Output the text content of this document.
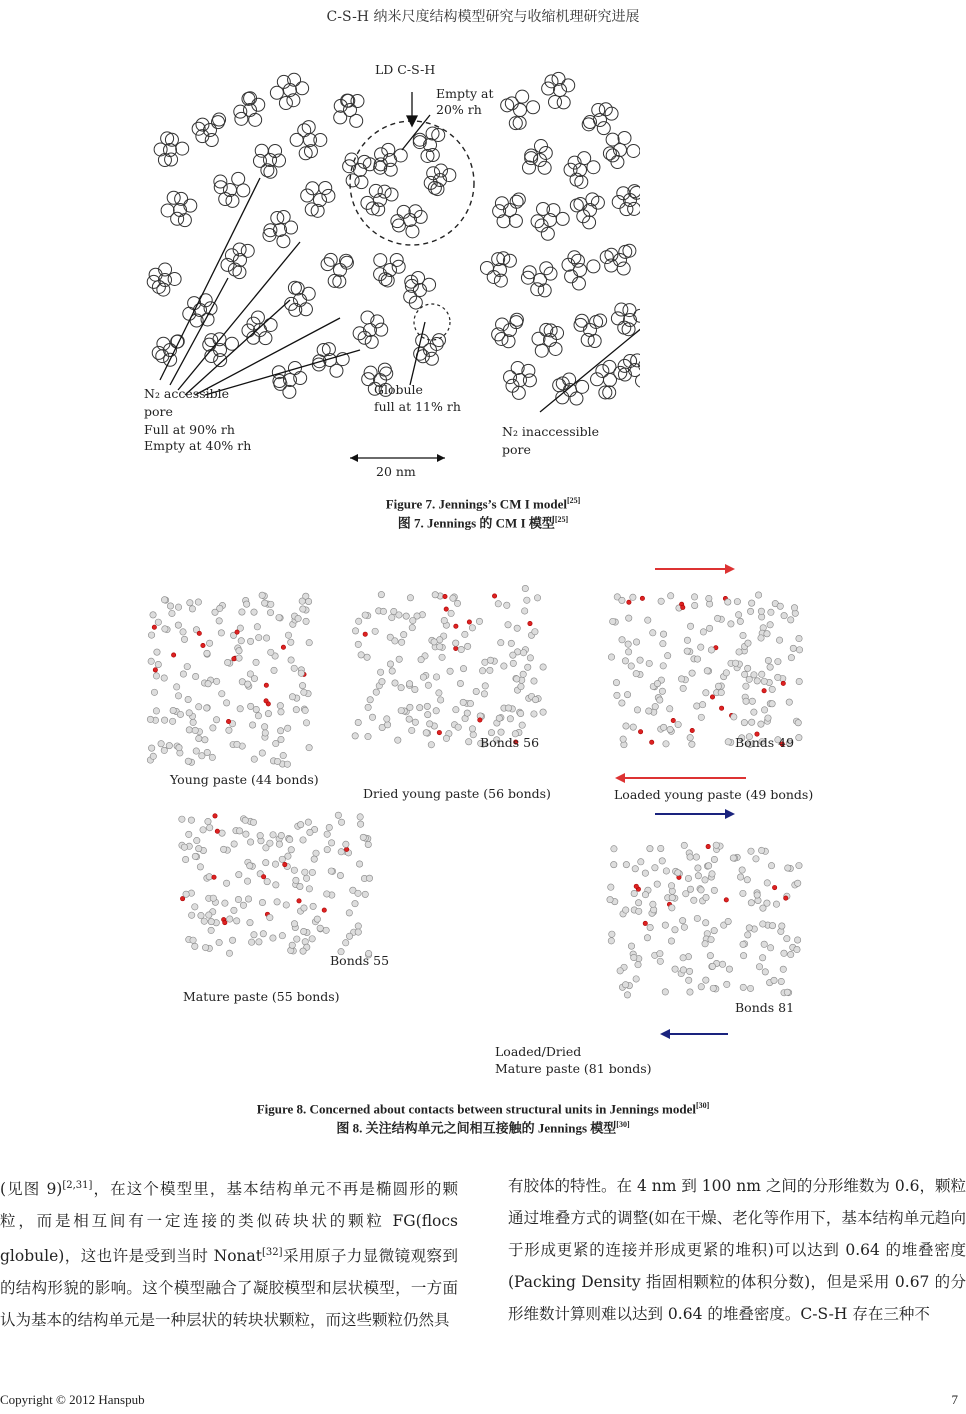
C-S-H 纳米尺度结构模型研究与收缩机理研究进展
LD C-S-H
Empty at
20% rh
N₂ accessible
pore
Full at 90% rh
Empty at 40% rh
Globule
full at 11% rh
20 nm
N₂ inaccessible
pore
Figure 7. Jennings’s CM I model[25]
图 7. Jennings 的 CM I 模型[25]
Young paste (44 bonds)
Dried young paste (56 bonds)
Bonds 56	Bonds 49
Loaded young paste (49 bonds)
Bonds 55
Mature paste (55 bonds)
Bonds 81
Loaded/Dried
Mature paste (81 bonds)
Figure 8. Concerned about contacts between structural units in Jennings model[30]
图 8. 关注结构单元之间相互接触的 Jennings 模型[30]
(见图 9)[2,31]，在这个模型里，基本结构单元不再是椭圆形的颗粒，而是相互间有一定连接的类似砖块状的颗粒 FG(flocs globule)，这也许是受到当时 Nonat[32]采用原子力显微镜观察到的结构形貌的影响。这个模型融合了凝胶模型和层状模型，一方面认为基本的结构单元是一种层状的转块状颗粒，而这些颗粒仍然具
有胶体的特性。在 4 nm 到 100 nm 之间的分形维数为 0.6，颗粒通过堆叠方式的调整(如在干燥、老化等作用下，基本结构单元趋向于形成更紧的连接并形成更紧的堆积)可以达到 0.64 的堆叠密度(Packing Density 指固相颗粒的体积分数)，但是采用 0.67 的分形维数计算则难以达到 0.64 的堆叠密度。C-S-H 存在三种不
Copyright © 2012 Hanspub	7
